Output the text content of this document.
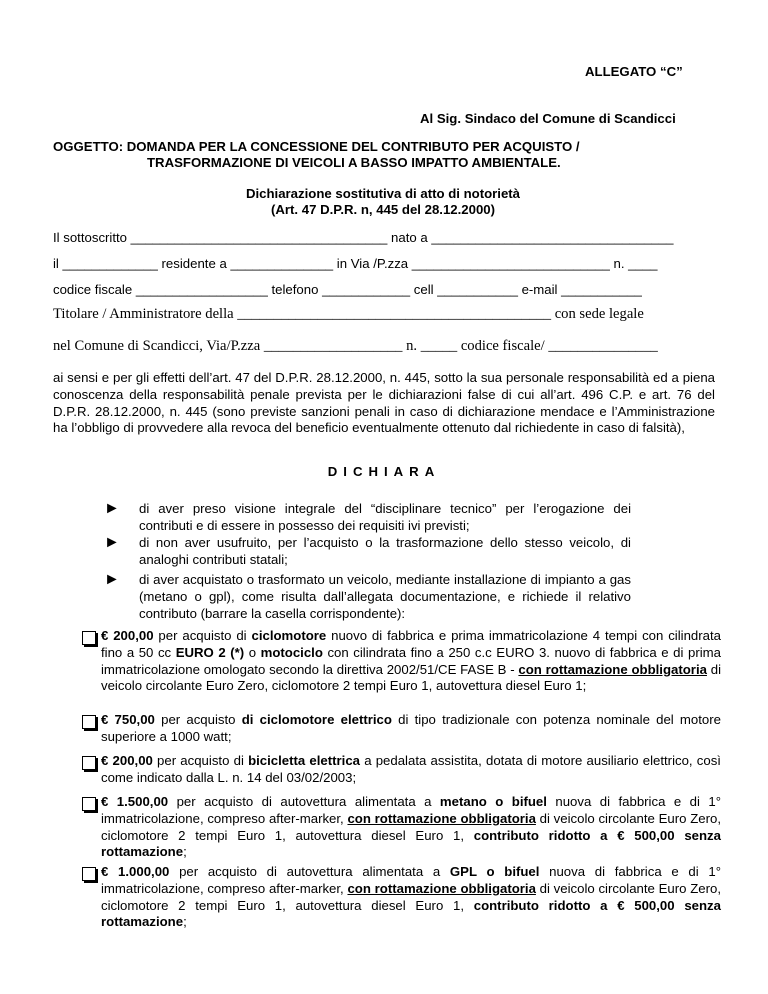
ALLEGATO “C”
Al Sig. Sindaco del Comune di Scandicci
OGGETTO: DOMANDA PER LA CONCESSIONE DEL CONTRIBUTO PER ACQUISTO /
TRASFORMAZIONE DI VEICOLI A BASSO IMPATTO AMBIENTALE.
Dichiarazione sostitutiva di atto di notorietà
(Art. 47 D.P.R. n, 445 del 28.12.2000)
Il sottoscritto ___________________________________ nato a _________________________________
il _____________ residente a ______________ in Via /P.zza ___________________________ n. ____
codice fiscale __________________ telefono ____________ cell ___________ e-mail ___________
Titolare / Amministratore della ___________________________________________ con sede legale
nel Comune di Scandicci, Via/P.zza ___________________ n. _____ codice fiscale/ _______________
ai sensi e per gli effetti dell’art. 47 del D.P.R. 28.12.2000, n. 445, sotto la sua personale responsabilità ed a piena conoscenza della responsabilità penale prevista per le dichiarazioni false di cui all’art. 496 C.P. e art. 76 del D.P.R. 28.12.2000, n. 445 (sono previste sanzioni penali in caso di dichiarazione mendace e l’Amministrazione ha l’obbligo di provvedere alla revoca del beneficio eventualmente ottenuto dal richiedente in caso di falsità),
DICHIARA
► di aver preso visione integrale del “disciplinare tecnico” per l’erogazione dei contributi e di essere in possesso dei requisiti ivi previsti;
► di non aver usufruito, per l’acquisto o la trasformazione dello stesso veicolo, di analoghi contributi statali;
► di aver acquistato o trasformato un veicolo, mediante installazione di impianto a gas (metano o gpl), come risulta dall’allegata documentazione, e richiede il relativo contributo (barrare la casella corrispondente):
€ 200,00 per acquisto di ciclomotore nuovo di fabbrica e prima immatricolazione 4 tempi con cilindrata fino a 50 cc EURO 2 (*) o motociclo con cilindrata fino a 250 c.c EURO 3. nuovo di fabbrica e di prima immatricolazione omologato secondo la direttiva 2002/51/CE FASE B - con rottamazione obbligatoria di veicolo circolante Euro Zero, ciclomotore 2 tempi Euro 1, autovettura diesel Euro 1;
€ 750,00 per acquisto di ciclomotore elettrico di tipo tradizionale con potenza nominale del motore superiore a 1000 watt;
€ 200,00 per acquisto di bicicletta elettrica a pedalata assistita, dotata di motore ausiliario elettrico, così come indicato dalla L. n. 14 del 03/02/2003;
€ 1.500,00 per acquisto di autovettura alimentata a metano o bifuel nuova di fabbrica e di 1° immatricolazione, compreso after-marker, con rottamazione obbligatoria di veicolo circolante Euro Zero, ciclomotore 2 tempi Euro 1, autovettura diesel Euro 1, contributo ridotto a € 500,00 senza rottamazione;
€ 1.000,00 per acquisto di autovettura alimentata a GPL o bifuel nuova di fabbrica e di 1° immatricolazione, compreso after-marker, con rottamazione obbligatoria di veicolo circolante Euro Zero, ciclomotore 2 tempi Euro 1, autovettura diesel Euro 1, contributo ridotto a € 500,00 senza rottamazione;
